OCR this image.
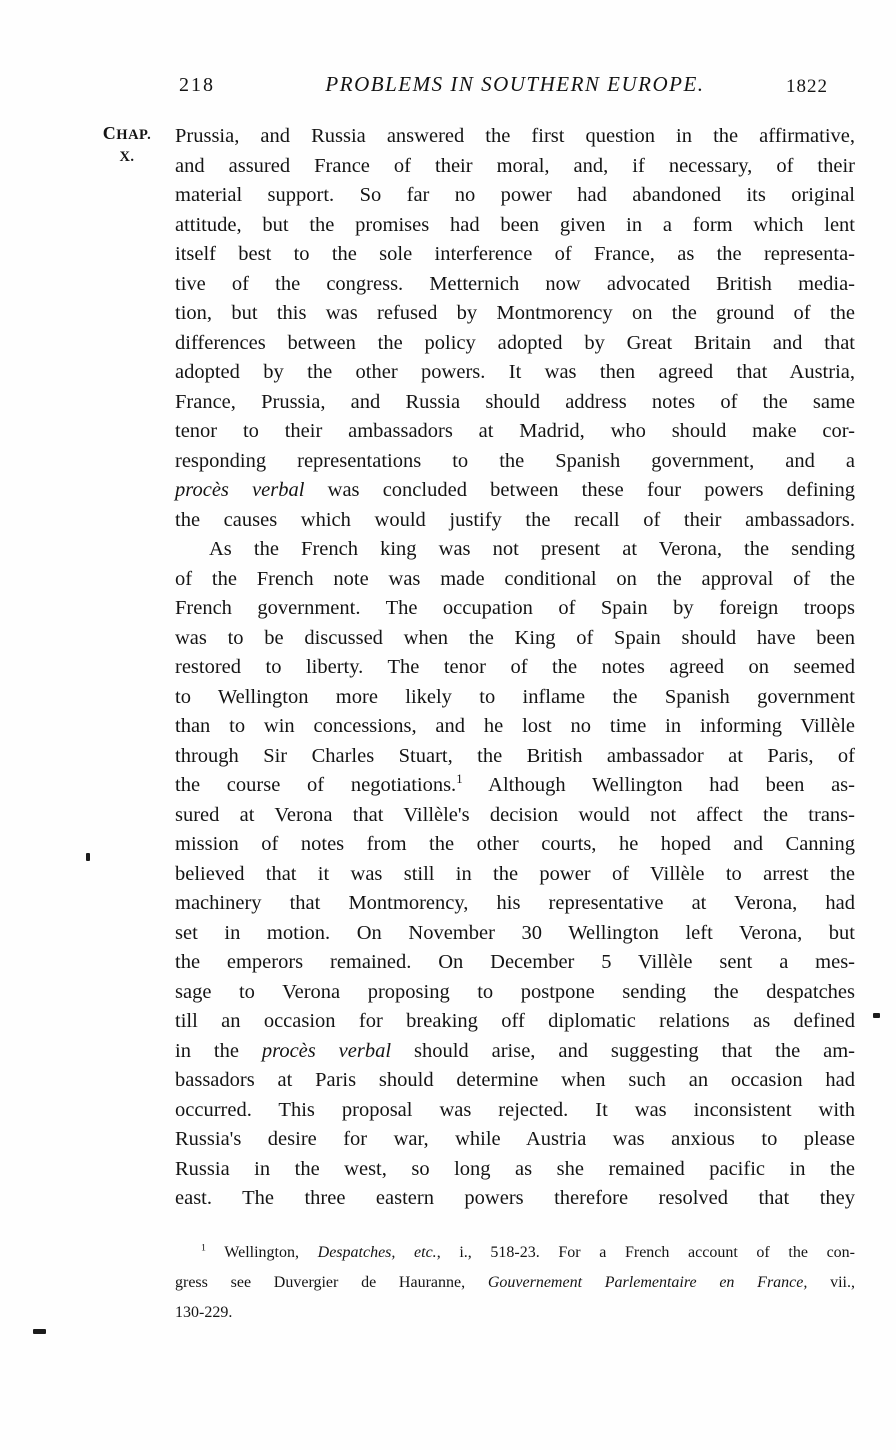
218	PROBLEMS IN SOUTHERN EUROPE.	1822
CHAP.
X.
Prussia, and Russia answered the first question in the affirmative,
and assured France of their moral, and, if necessary, of their
material support. So far no power had abandoned its original
attitude, but the promises had been given in a form which lent
itself best to the sole interference of France, as the representa-
tive of the congress. Metternich now advocated British media-
tion, but this was refused by Montmorency on the ground of the
differences between the policy adopted by Great Britain and that
adopted by the other powers. It was then agreed that Austria,
France, Prussia, and Russia should address notes of the same
tenor to their ambassadors at Madrid, who should make cor-
responding representations to the Spanish government, and a
procès verbal was concluded between these four powers defining
the causes which would justify the recall of their ambassadors.
As the French king was not present at Verona, the sending
of the French note was made conditional on the approval of the
French government. The occupation of Spain by foreign troops
was to be discussed when the King of Spain should have been
restored to liberty. The tenor of the notes agreed on seemed
to Wellington more likely to inflame the Spanish government
than to win concessions, and he lost no time in informing Villèle
through Sir Charles Stuart, the British ambassador at Paris, of
the course of negotiations.$^1$ Although Wellington had been as-
sured at Verona that Villèle's decision would not affect the trans-
mission of notes from the other courts, he hoped and Canning
believed that it was still in the power of Villèle to arrest the
machinery that Montmorency, his representative at Verona, had
set in motion. On November 30 Wellington left Verona, but
the emperors remained. On December 5 Villèle sent a mes-
sage to Verona proposing to postpone sending the despatches
till an occasion for breaking off diplomatic relations as defined
in the procès verbal should arise, and suggesting that the am-
bassadors at Paris should determine when such an occasion had
occurred. This proposal was rejected. It was inconsistent with
Russia's desire for war, while Austria was anxious to please
Russia in the west, so long as she remained pacific in the
east. The three eastern powers therefore resolved that they
$^1$ Wellington, Despatches, etc., i., 518-23. For a French account of the con-
gress see Duvergier de Hauranne, Gouvernement Parlementaire en France, vii.,
130-229.
